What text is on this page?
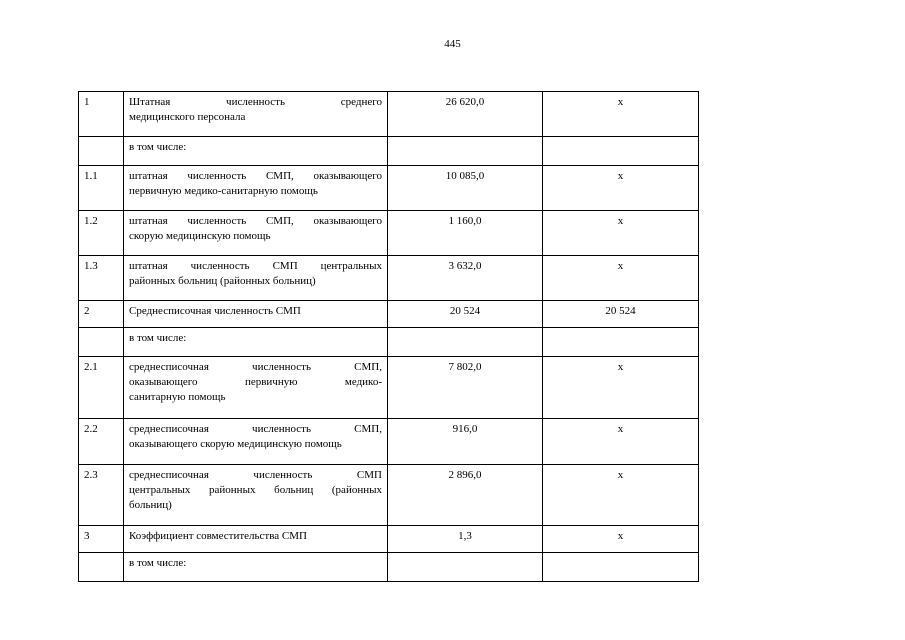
445
1	Штатная численность среднего
медицинского персонала	26 620,0	х

	в том числе:		

1.1	штатная численность СМП, оказывающего
первичную медико-санитарную помощь	10 085,0	х
1.2	штатная численность СМП, оказывающего
скорую медицинскую помощь	1 160,0	х
1.3	штатная численность СМП центральных
районных больниц (районных больниц)	3 632,0	х
2	Среднесписочная численность СМП	20 524	20 524

	в том числе:		

2.1	среднесписочная численность СМП,
оказывающего первичную медико-
санитарную помощь	7 802,0	х
2.2	среднесписочная численность СМП,
оказывающего скорую медицинскую помощь	916,0	х
2.3	среднесписочная численность СМП
центральных районных больниц (районных
больниц)	2 896,0	х
3	Коэффициент совместительства СМП	1,3	х

	в том числе:		
